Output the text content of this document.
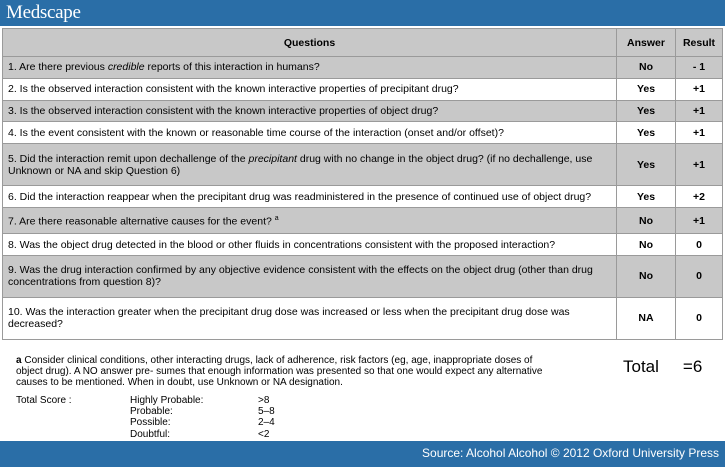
Medscape
Questions	Answer	Result
1. Are there previous credible reports of this interaction in humans?	No	- 1
2. Is the observed interaction consistent with the known interactive properties of precipitant drug?	Yes	+1
3. Is the observed interaction consistent with the known interactive properties of object drug?	Yes	+1
4. Is the event consistent with the known or reasonable time course of the interaction (onset and/or offset)?	Yes	+1
5. Did the interaction remit upon dechallenge of the precipitant drug with no change in the object drug? (if no dechallenge, use Unknown or NA and skip Question 6)	Yes	+1
6. Did the interaction reappear when the precipitant drug was readministered in the presence of continued use of object drug?	Yes	+2
7. Are there reasonable alternative causes for the event? $^a$	No	+1
8. Was the object drug detected in the blood or other fluids in concentrations consistent with the proposed interaction?	No	0
9. Was the drug interaction confirmed by any objective evidence consistent with the effects on the object drug (other than drug concentrations from question 8)?	No	0
10. Was the interaction greater when the precipitant drug dose was increased or less when the precipitant drug dose was decreased?	NA	0
a Consider clinical conditions, other interacting drugs, lack of adherence, risk factors (eg, age, inappropriate doses of object drug). A NO answer pre- sumes that enough information was presented so that one would expect any alternative causes to be mentioned. When in doubt, use Unknown or NA designation.
Total Score :	Highly Probable:	>8
Probable:	5–8
Possible:	2–4
Doubtful:	<2
Total =6
Source: Alcohol Alcohol © 2012 Oxford University Press
